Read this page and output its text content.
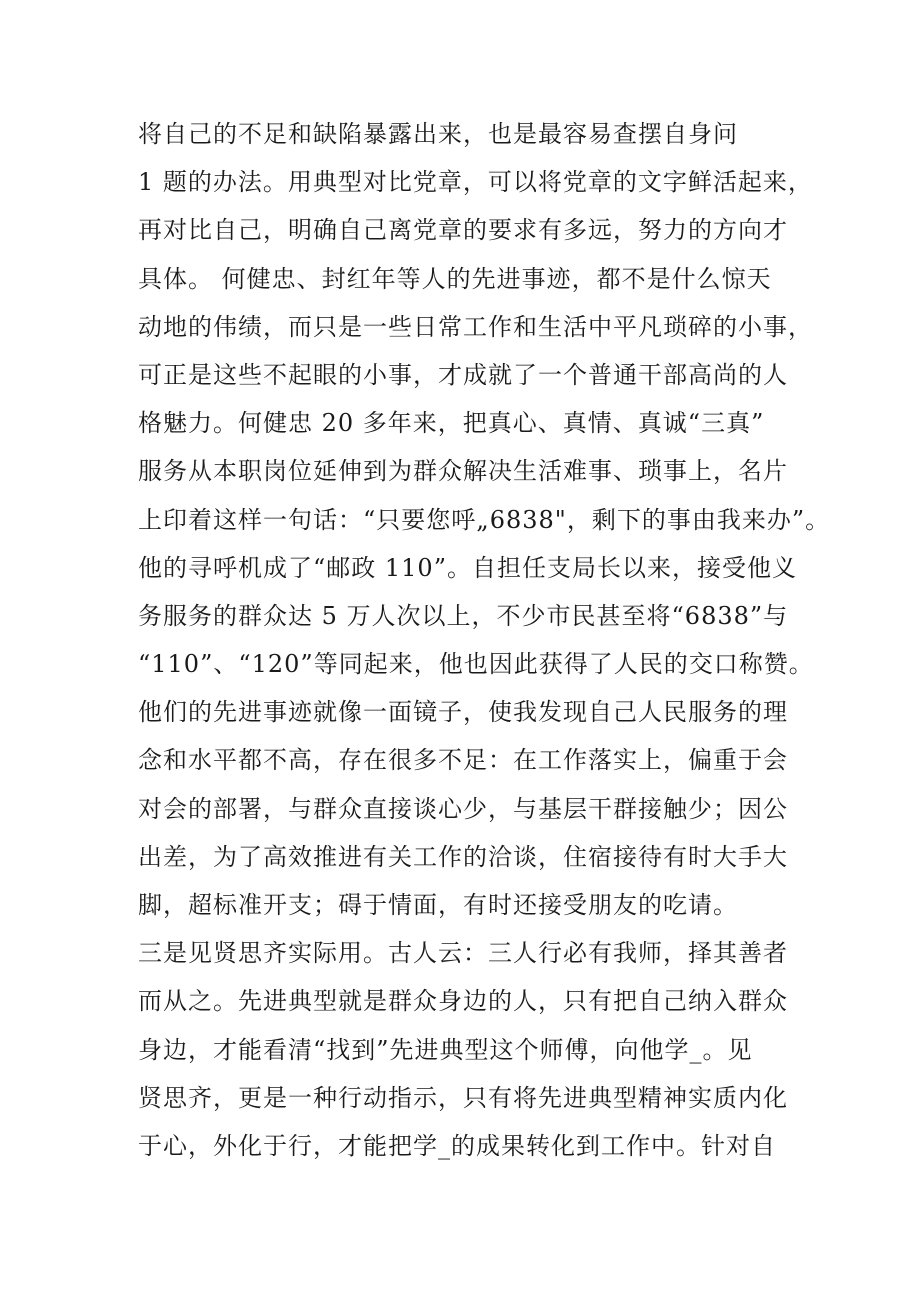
将自己的不足和缺陷暴露出来，也是最容易查摆自身问
1 题的办法。用典型对比党章，可以将党章的文字鲜活起来，
再对比自己，明确自己离党章的要求有多远，努力的方向才
具体。 何健忠、封红年等人的先进事迹，都不是什么惊天
动地的伟绩，而只是一些日常工作和生活中平凡琐碎的小事，
可正是这些不起眼的小事，才成就了一个普通干部高尚的人
格魅力。何健忠 20 多年来，把真心、真情、真诚“三真”
服务从本职岗位延伸到为群众解决生活难事、琐事上，名片
上印着这样一句话：“只要您呼„6838"，剩下的事由我来办”。
他的寻呼机成了“邮政 110”。自担任支局长以来，接受他义
务服务的群众达 5 万人次以上，不少市民甚至将“6838”与
“110”、“120”等同起来，他也因此获得了人民的交口称赞。
他们的先进事迹就像一面镜子，使我发现自己人民服务的理
念和水平都不高，存在很多不足：在工作落实上，偏重于会
对会的部署，与群众直接谈心少，与基层干群接触少；因公
出差，为了高效推进有关工作的洽谈，住宿接待有时大手大
脚，超标准开支；碍于情面，有时还接受朋友的吃请。
三是见贤思齐实际用。古人云：三人行必有我师，择其善者
而从之。先进典型就是群众身边的人，只有把自己纳入群众
身边，才能看清“找到”先进典型这个师傅，向他学_。见
贤思齐，更是一种行动指示，只有将先进典型精神实质内化
于心，外化于行，才能把学_的成果转化到工作中。针对自
